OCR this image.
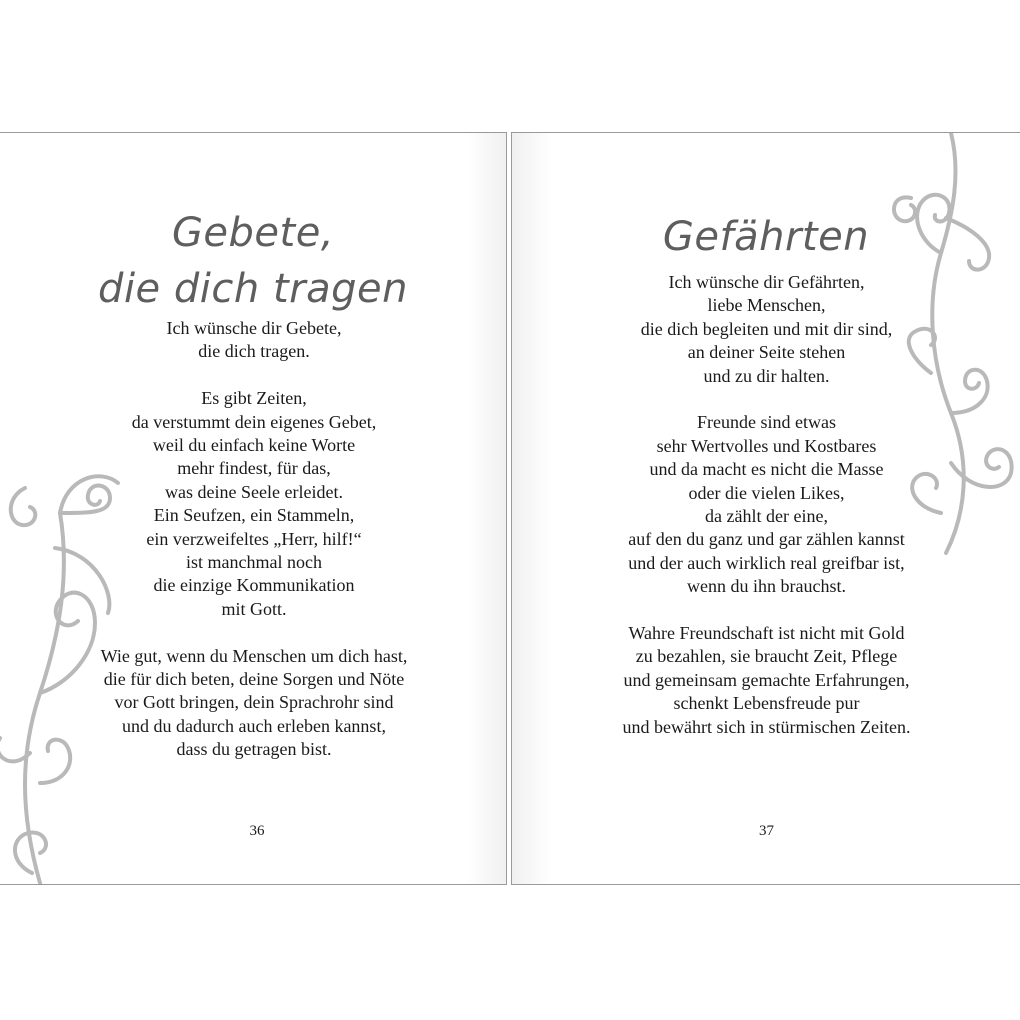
Gebete,
die dich tragen
Ich wünsche dir Gebete,
die dich tragen.
Es gibt Zeiten,
da verstummt dein eigenes Gebet,
weil du einfach keine Worte
mehr findest, für das,
was deine Seele erleidet.
Ein Seufzen, ein Stammeln,
ein verzweifeltes „Herr, hilf!“
ist manchmal noch
die einzige Kommunikation
mit Gott.
Wie gut, wenn du Menschen um dich hast,
die für dich beten, deine Sorgen und Nöte
vor Gott bringen, dein Sprachrohr sind
und du dadurch auch erleben kannst,
dass du getragen bist.
36
Gefährten
Ich wünsche dir Gefährten,
liebe Menschen,
die dich begleiten und mit dir sind,
an deiner Seite stehen
und zu dir halten.
Freunde sind etwas
sehr Wertvolles und Kostbares
und da macht es nicht die Masse
oder die vielen Likes,
da zählt der eine,
auf den du ganz und gar zählen kannst
und der auch wirklich real greifbar ist,
wenn du ihn brauchst.
Wahre Freundschaft ist nicht mit Gold
zu bezahlen, sie braucht Zeit, Pflege
und gemeinsam gemachte Erfahrungen,
schenkt Lebensfreude pur
und bewährt sich in stürmischen Zeiten.
37
